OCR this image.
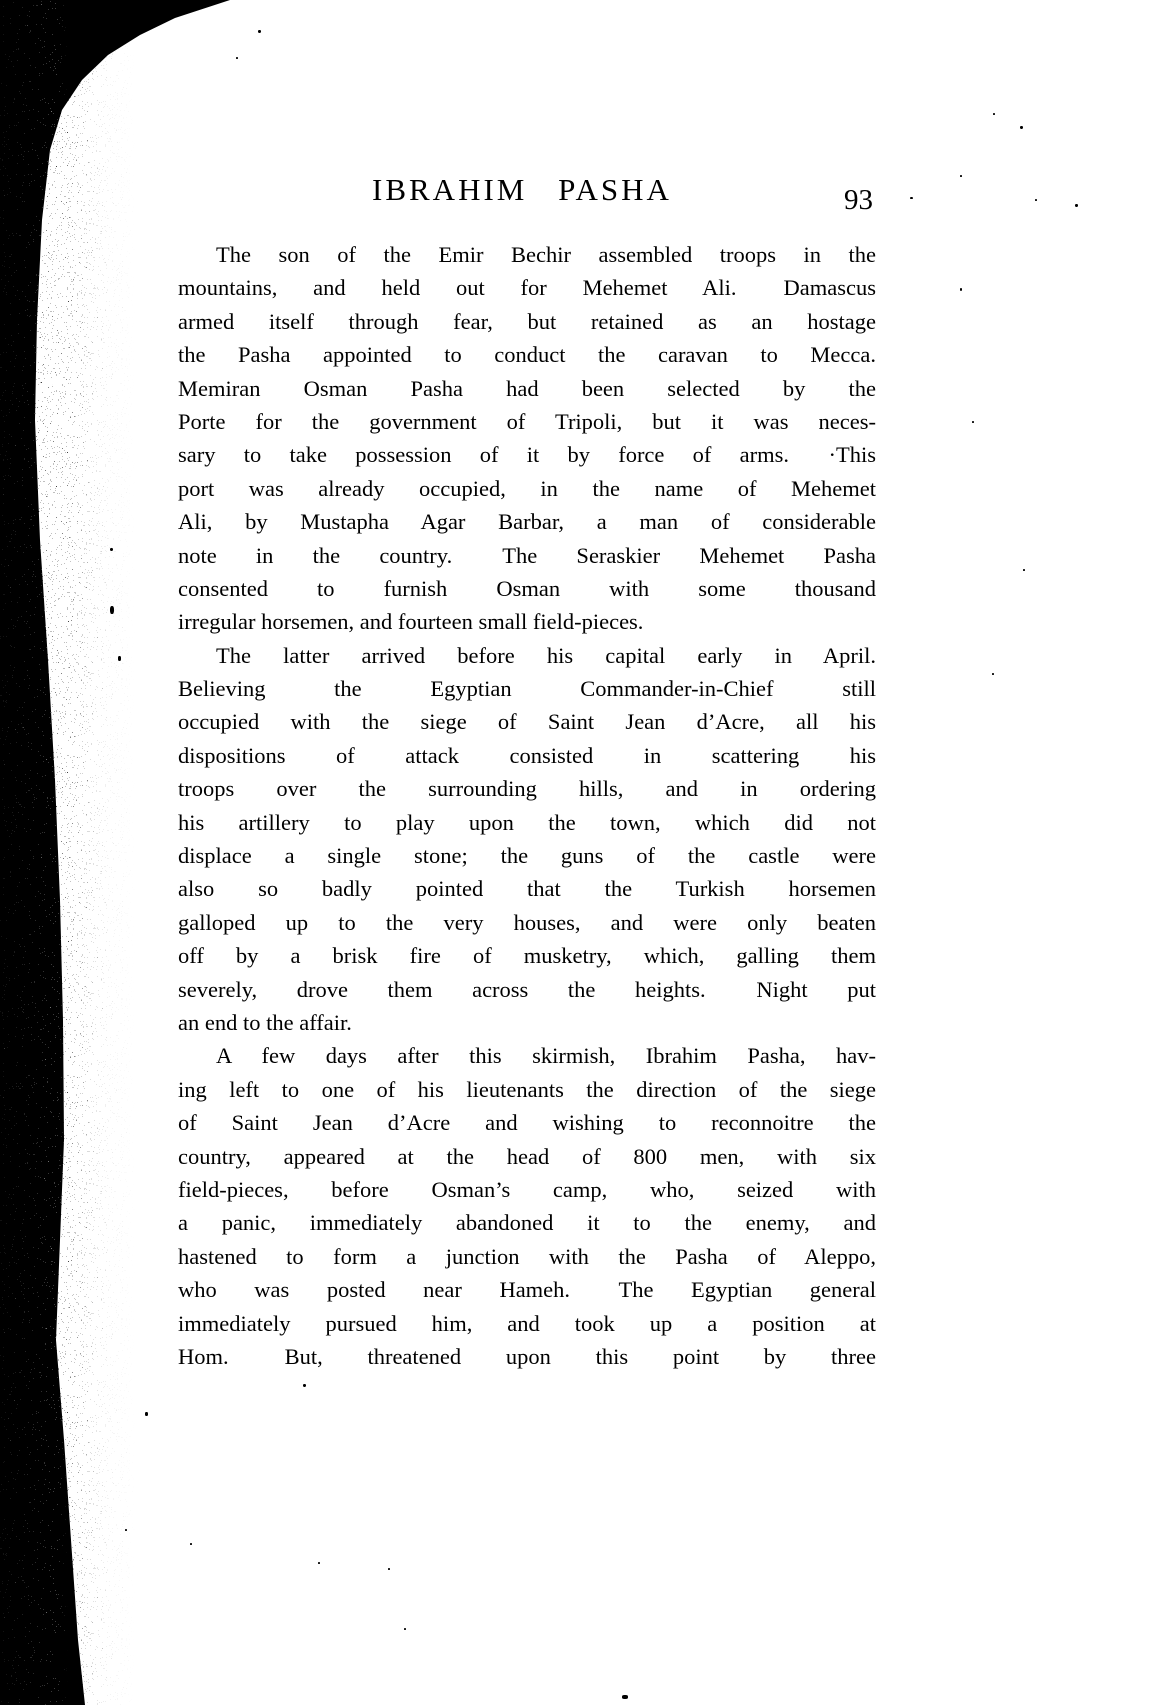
IBRAHIM PASHA	93
The son of the Emir Bechir assembled troops in the
mountains, and held out for Mehemet Ali.  Damascus
armed itself through fear, but retained as an hostage
the Pasha appointed to conduct the caravan to Mecca.
Memiran Osman Pasha had been selected by the
Porte for the government of Tripoli, but it was neces-
sary to take possession of it by force of arms.  ·This
port was already occupied, in the name of Mehemet
Ali, by Mustapha Agar Barbar, a man of considerable
note in the country.  The Seraskier Mehemet Pasha
consented to furnish Osman with some thousand
irregular horsemen, and fourteen small field-pieces.
The latter arrived before his capital early in April.
Believing the Egyptian Commander-in-Chief still
occupied with the siege of Saint Jean d’Acre, all his
dispositions of attack consisted in scattering his
troops over the surrounding hills, and in ordering
his artillery to play upon the town, which did not
displace a single stone; the guns of the castle were
also so badly pointed that the Turkish horsemen
galloped up to the very houses, and were only beaten
off by a brisk fire of musketry, which, galling them
severely, drove them across the heights.  Night put
an end to the affair.
A few days after this skirmish, Ibrahim Pasha, hav-
ing left to one of his lieutenants the direction of the siege
of Saint Jean d’Acre and wishing to reconnoitre the
country, appeared at the head of 800 men, with six
field-pieces, before Osman’s camp, who, seized with
a panic, immediately abandoned it to the enemy, and
hastened to form a junction with the Pasha of Aleppo,
who was posted near Hameh.  The Egyptian general
immediately pursued him, and took up a position at
Hom.  But, threatened upon this point by three
